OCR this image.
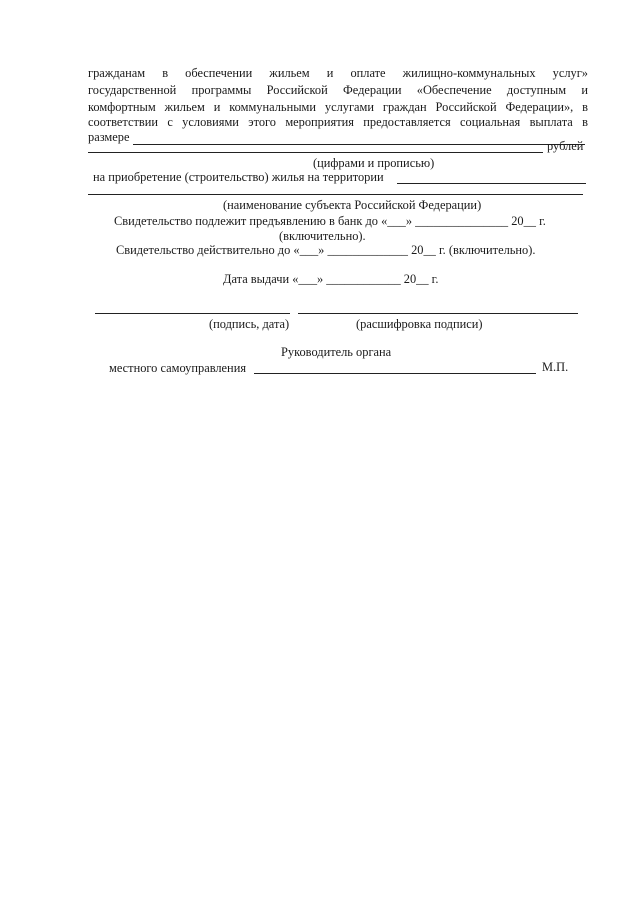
гражданам в обеспечении жильем и оплате жилищно-коммунальных услуг»
государственной программы Российской Федерации «Обеспечение доступным и
комфортным жильем и коммунальными услугами граждан Российской Федерации», в
соответствии с условиями этого мероприятия предоставляется социальная выплата в
размере
рублей
(цифрами и прописью)
на приобретение (строительство) жилья на территории
(наименование субъекта Российской Федерации)
Свидетельство подлежит предъявлению в банк до «___» _______________ 20__ г.
(включительно).
Свидетельство действительно до «___» _____________ 20__ г. (включительно).
Дата выдачи «___» ____________ 20__ г.
(подпись, дата)	(расшифровка подписи)
Руководитель органа
местного самоуправления	М.П.
